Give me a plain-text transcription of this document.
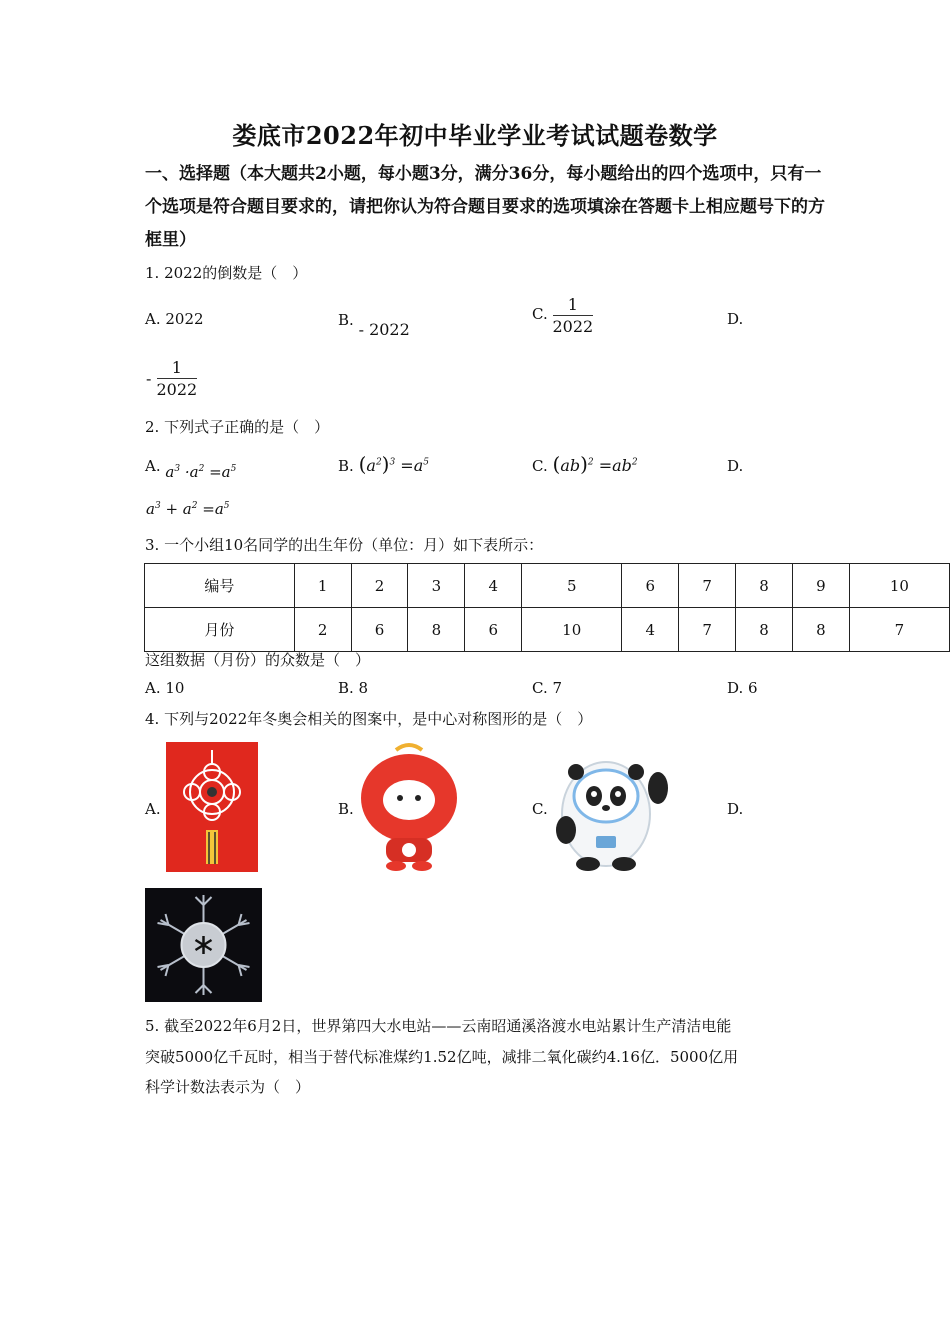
娄底市2022年初中毕业学业考试试题卷数学
一、选择题（本大题共2小题，每小题3分，满分36分，每小题给出的四个选项中，只有一个选项是符合题目要求的，请把你认为符合题目要求的选项填涂在答题卡上相应题号下的方框里）
1. 2022的倒数是（　）
A. 2022	B. - 2022
C. $\frac{1}{2022}$	D.
- $\frac{1}{2022}$
2. 下列式子正确的是（　）
A. $a^3 \cdot a^2 =a^5$	B. $(a^2)^3 =a^5$	C. $(ab)^2 =ab^2$	D.
$a^3 + a^2 =a^5$
3. 一个小组10名同学的出生年份（单位：月）如下表所示：
编号	1	2	3	4	5	6	7	8	9	10
月份	2	6	8	6	10	4	7	8	8	7
这组数据（月份）的众数是（　）
A. 10	B. 8	C. 7	D. 6
4. 下列与2022年冬奥会相关的图案中，是中心对称图形的是（　）
A.	B.	C.	D.
5. 截至2022年6月2日，世界第四大水电站——云南昭通溪洛渡水电站累计生产清洁电能
突破5000亿千瓦时，相当于替代标准煤约1.52亿吨，减排二氧化碳约4.16亿．5000亿用
科学计数法表示为（　）
